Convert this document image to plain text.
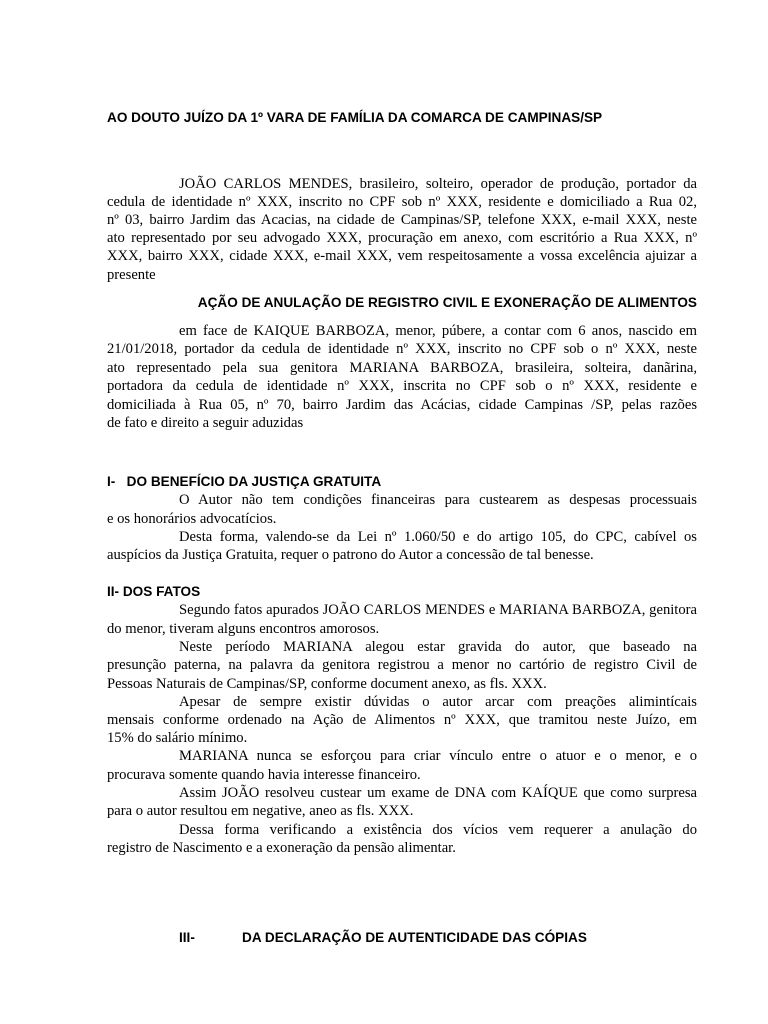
AO DOUTO JUÍZO DA 1º VARA DE FAMÍLIA DA COMARCA DE CAMPINAS/SP
JOÃO CARLOS MENDES, brasileiro, solteiro, operador de produção, portador da
cedula de identidade nº XXX, inscrito no CPF sob nº XXX, residente e domiciliado a Rua 02,
nº 03, bairro Jardim das Acacias, na cidade de Campinas/SP, telefone XXX, e-mail XXX, neste
ato representado por seu advogado XXX, procuração em anexo, com escritório a Rua XXX, nº
XXX, bairro XXX, cidade XXX, e-mail XXX, vem respeitosamente a vossa excelência ajuizar a
presente
AÇÃO DE ANULAÇÃO DE REGISTRO CIVIL E EXONERAÇÃO DE ALIMENTOS
em face de KAIQUE BARBOZA, menor, púbere, a contar com 6 anos, nascido em
21/01/2018, portador da cedula de identidade nº XXX, inscrito no CPF sob o nº XXX, neste
ato representado pela sua genitora MARIANA BARBOZA, brasileira, solteira, danãrina,
portadora da cedula de identidade nº XXX, inscrita no CPF sob o nº XXX, residente e
domiciliada à Rua 05, nº 70, bairro Jardim das Acácias, cidade Campinas /SP, pelas razões
de fato e direito a seguir aduzidas
I- DO BENEFÍCIO DA JUSTIÇA GRATUITA
O Autor não tem condições financeiras para custearem as despesas processuais
e os honorários advocatícios.
Desta forma, valendo-se da Lei nº 1.060/50 e do artigo 105, do CPC, cabível os
auspícios da Justiça Gratuita, requer o patrono do Autor a concessão de tal benesse.
II- DOS FATOS
Segundo fatos apurados JOÃO CARLOS MENDES e MARIANA BARBOZA, genitora
do menor, tiveram alguns encontros amorosos.
Neste período MARIANA alegou estar gravida do autor, que baseado na
presunção paterna, na palavra da genitora registrou a menor no cartório de registro Civil de
Pessoas Naturais de Campinas/SP, conforme document anexo, as fls. XXX.
Apesar de sempre existir dúvidas o autor arcar com preações alimintícais
mensais conforme ordenado na Ação de Alimentos nº XXX, que tramitou neste Juízo, em
15% do salário mínimo.
MARIANA nunca se esforçou para criar vínculo entre o atuor e o menor, e o
procurava somente quando havia interesse financeiro.
Assim JOÃO resolveu custear um exame de DNA com KAÍQUE que como surpresa
para o autor resultou em negative, aneo as fls. XXX.
Dessa forma verificando a existência dos vícios vem requerer a anulação do
registro de Nascimento e a exoneração da pensão alimentar.
III-	DA DECLARAÇÃO DE AUTENTICIDADE DAS CÓPIAS
